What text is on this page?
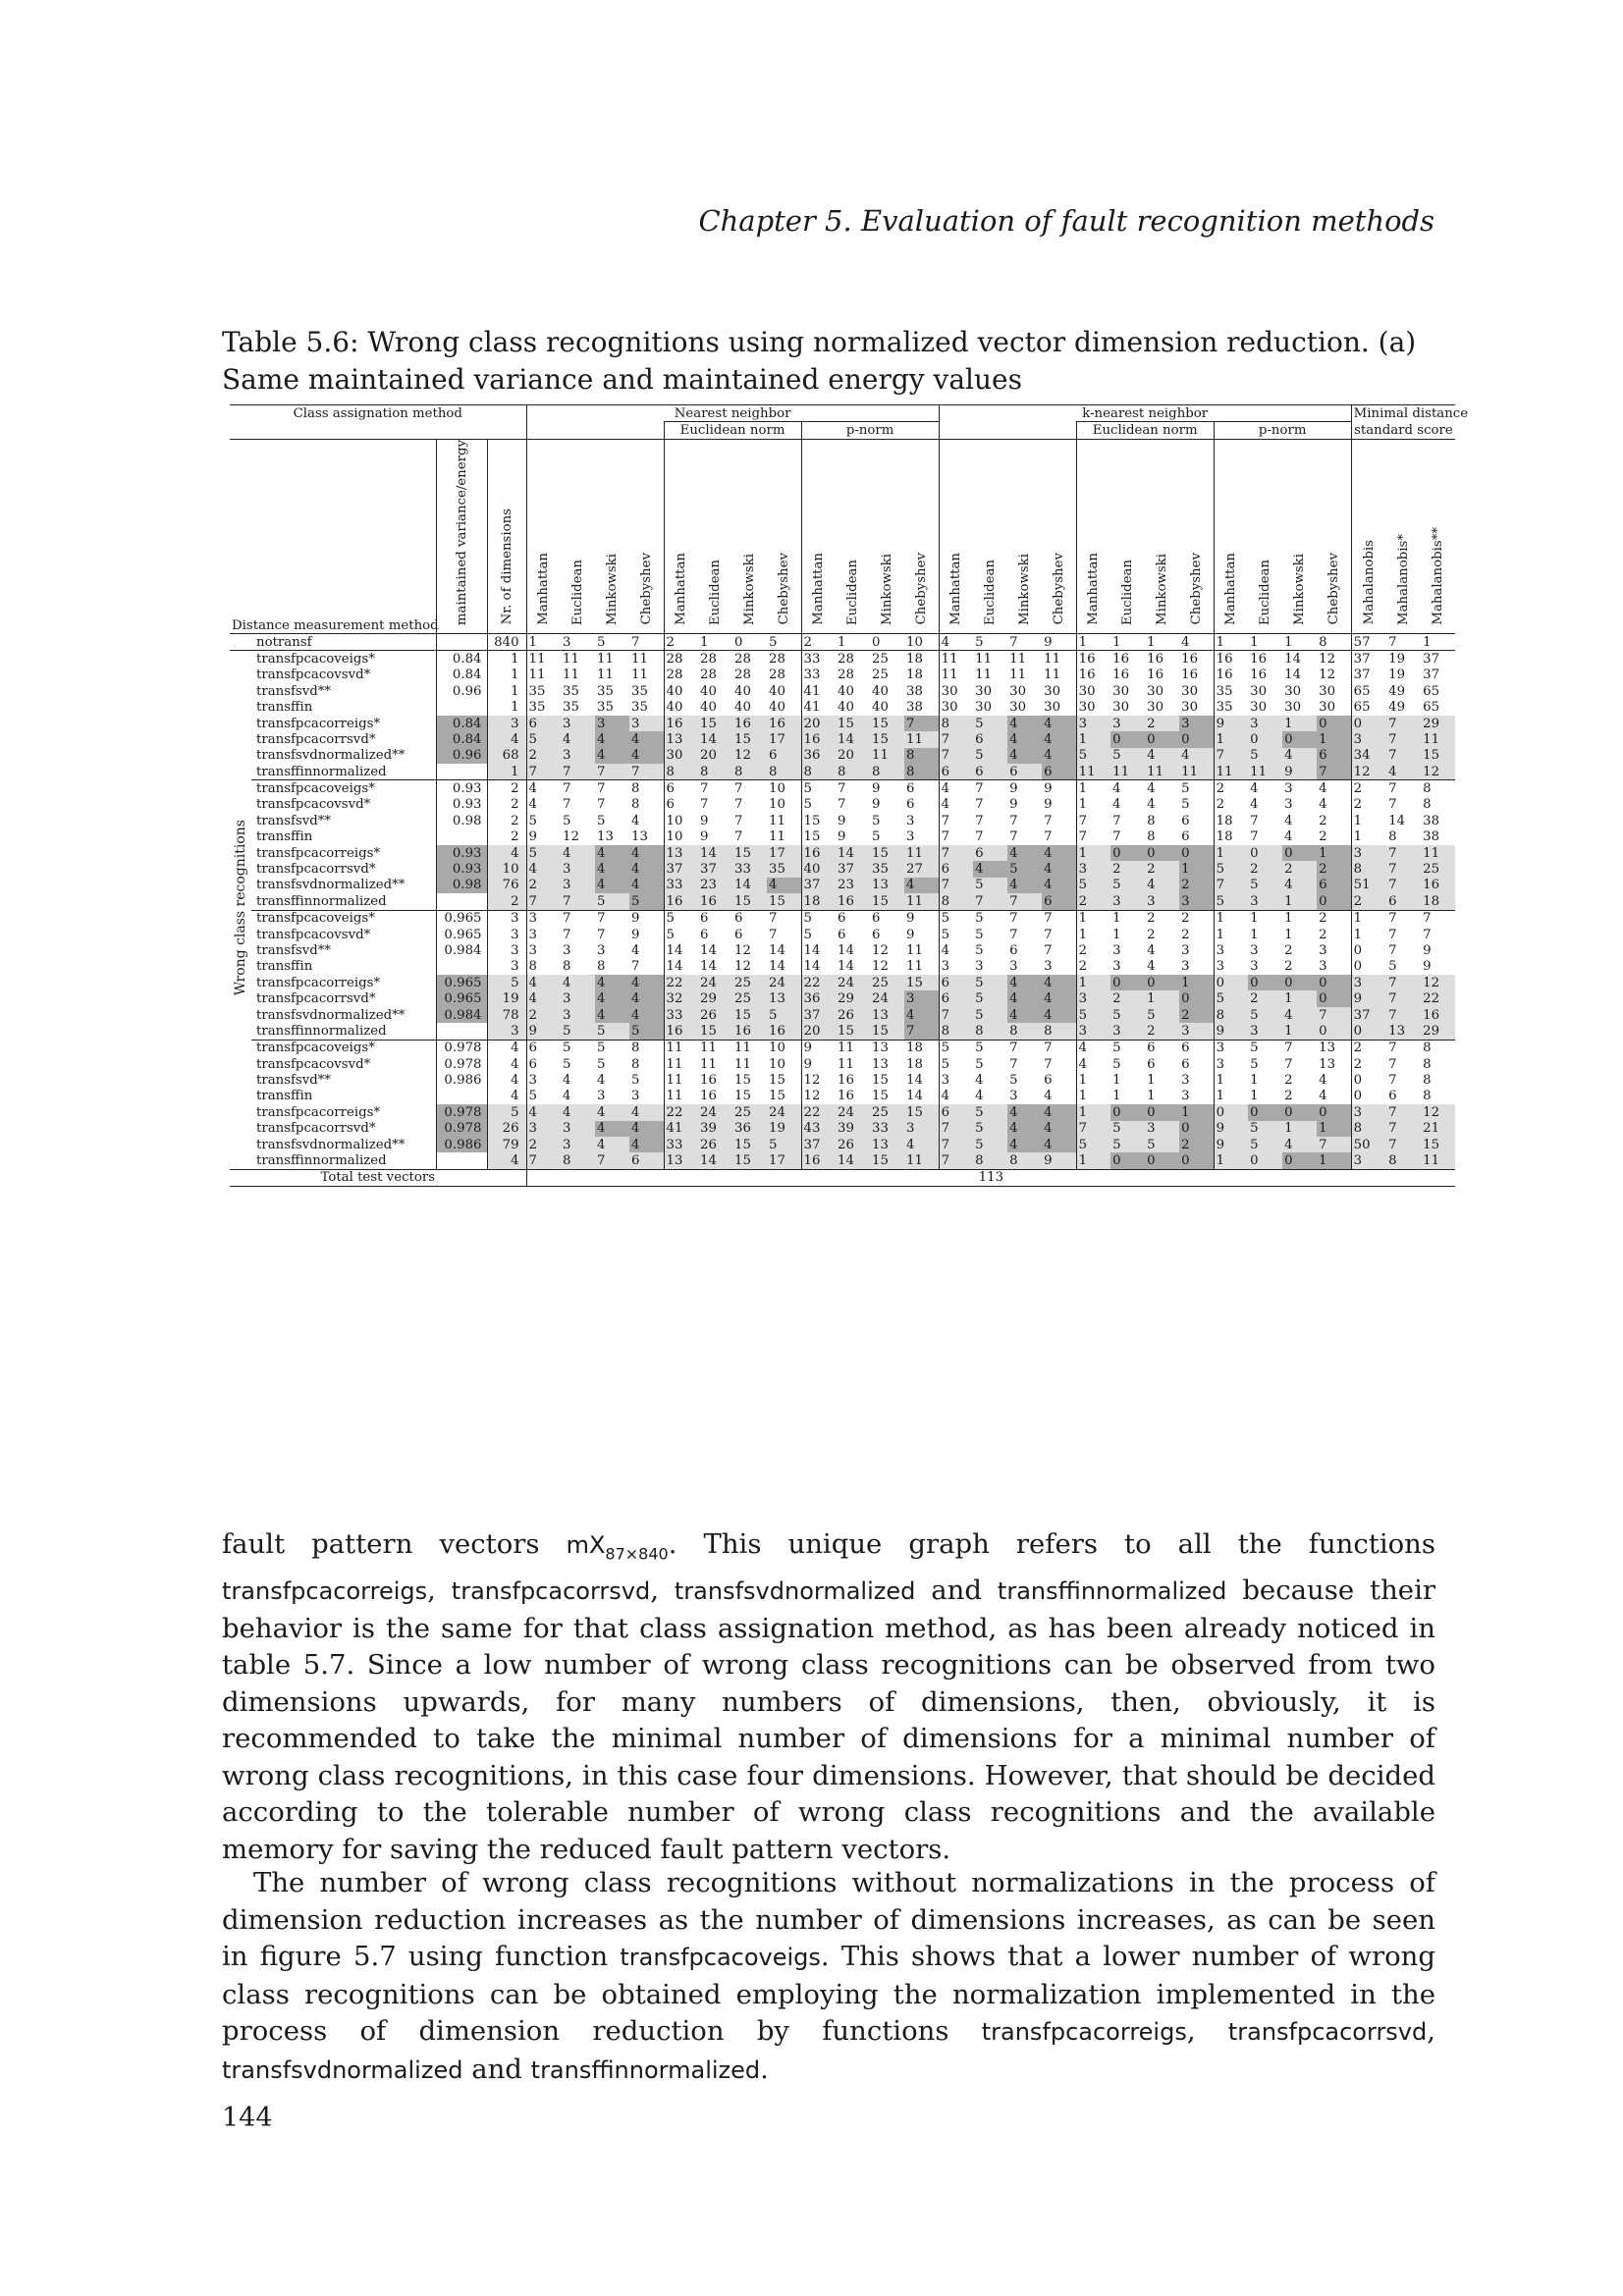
Chapter 5. Evaluation of fault recognition methods
Table 5.6: Wrong class recognitions using normalized vector dimension reduction. (a) Same maintained variance and maintained energy values
Class assignation method				Nearest neighbor												k-nearest neighbor												Minimal distance		
								Euclidean norm				p-norm								Euclidean norm				p-norm				standard score		
Distance measurement method		maintained variance/energy	Nr. of dimensions	Manhattan	Euclidean	Minkowski	Chebyshev	Manhattan	Euclidean	Minkowski	Chebyshev	Manhattan	Euclidean	Minkowski	Chebyshev	Manhattan	Euclidean	Minkowski	Chebyshev	Manhattan	Euclidean	Minkowski	Chebyshev	Manhattan	Euclidean	Minkowski	Chebyshev	Mahalanobis	Mahalanobis*	Mahalanobis**
	notransf		840	1	3	5	7	2	1	0	5	2	1	0	10	4	5	7	9	1	1	1	4	1	1	1	8	57	7	1
Wrong class recognitions	transfpcacoveigs*	0.84	1	11	11	11	11	28	28	28	28	33	28	25	18	11	11	11	11	16	16	16	16	16	16	14	12	37	19	37
	transfpcacovsvd*	0.84	1	11	11	11	11	28	28	28	28	33	28	25	18	11	11	11	11	16	16	16	16	16	16	14	12	37	19	37
	transfsvd**	0.96	1	35	35	35	35	40	40	40	40	41	40	40	38	30	30	30	30	30	30	30	30	35	30	30	30	65	49	65
	transffin		1	35	35	35	35	40	40	40	40	41	40	40	38	30	30	30	30	30	30	30	30	35	30	30	30	65	49	65
	transfpcacorreigs*	0.84	3	6	3	3	3	16	15	16	16	20	15	15	7	8	5	4	4	3	3	2	3	9	3	1	0	0	7	29
	transfpcacorrsvd*	0.84	4	5	4	4	4	13	14	15	17	16	14	15	11	7	6	4	4	1	0	0	0	1	0	0	1	3	7	11
	transfsvdnormalized**	0.96	68	2	3	4	4	30	20	12	6	36	20	11	8	7	5	4	4	5	5	4	4	7	5	4	6	34	7	15
	transffinnormalized		1	7	7	7	7	8	8	8	8	8	8	8	8	6	6	6	6	11	11	11	11	11	11	9	7	12	4	12
	transfpcacoveigs*	0.93	2	4	7	7	8	6	7	7	10	5	7	9	6	4	7	9	9	1	4	4	5	2	4	3	4	2	7	8
	transfpcacovsvd*	0.93	2	4	7	7	8	6	7	7	10	5	7	9	6	4	7	9	9	1	4	4	5	2	4	3	4	2	7	8
	transfsvd**	0.98	2	5	5	5	4	10	9	7	11	15	9	5	3	7	7	7	7	7	7	8	6	18	7	4	2	1	14	38
	transffin		2	9	12	13	13	10	9	7	11	15	9	5	3	7	7	7	7	7	7	8	6	18	7	4	2	1	8	38
	transfpcacorreigs*	0.93	4	5	4	4	4	13	14	15	17	16	14	15	11	7	6	4	4	1	0	0	0	1	0	0	1	3	7	11
	transfpcacorrsvd*	0.93	10	4	3	4	4	37	37	33	35	40	37	35	27	6	4	5	4	3	2	2	1	5	2	2	2	8	7	25
	transfsvdnormalized**	0.98	76	2	3	4	4	33	23	14	4	37	23	13	4	7	5	4	4	5	5	4	2	7	5	4	6	51	7	16
	transffinnormalized		2	7	7	5	5	16	16	15	15	18	16	15	11	8	7	7	6	2	3	3	3	5	3	1	0	2	6	18
	transfpcacoveigs*	0.965	3	3	7	7	9	5	6	6	7	5	6	6	9	5	5	7	7	1	1	2	2	1	1	1	2	1	7	7
	transfpcacovsvd*	0.965	3	3	7	7	9	5	6	6	7	5	6	6	9	5	5	7	7	1	1	2	2	1	1	1	2	1	7	7
	transfsvd**	0.984	3	3	3	3	4	14	14	12	14	14	14	12	11	4	5	6	7	2	3	4	3	3	3	2	3	0	7	9
	transffin		3	8	8	8	7	14	14	12	14	14	14	12	11	3	3	3	3	2	3	4	3	3	3	2	3	0	5	9
	transfpcacorreigs*	0.965	5	4	4	4	4	22	24	25	24	22	24	25	15	6	5	4	4	1	0	0	1	0	0	0	0	3	7	12
	transfpcacorrsvd*	0.965	19	4	3	4	4	32	29	25	13	36	29	24	3	6	5	4	4	3	2	1	0	5	2	1	0	9	7	22
	transfsvdnormalized**	0.984	78	2	3	4	4	33	26	15	5	37	26	13	4	7	5	4	4	5	5	5	2	8	5	4	7	37	7	16
	transffinnormalized		3	9	5	5	5	16	15	16	16	20	15	15	7	8	8	8	8	3	3	2	3	9	3	1	0	0	13	29
	transfpcacoveigs*	0.978	4	6	5	5	8	11	11	11	10	9	11	13	18	5	5	7	7	4	5	6	6	3	5	7	13	2	7	8
	transfpcacovsvd*	0.978	4	6	5	5	8	11	11	11	10	9	11	13	18	5	5	7	7	4	5	6	6	3	5	7	13	2	7	8
	transfsvd**	0.986	4	3	4	4	5	11	16	15	15	12	16	15	14	3	4	5	6	1	1	1	3	1	1	2	4	0	7	8
	transffin		4	5	4	3	3	11	16	15	15	12	16	15	14	4	4	3	4	1	1	1	3	1	1	2	4	0	6	8
	transfpcacorreigs*	0.978	5	4	4	4	4	22	24	25	24	22	24	25	15	6	5	4	4	1	0	0	1	0	0	0	0	3	7	12
	transfpcacorrsvd*	0.978	26	3	3	4	4	41	39	36	19	43	39	33	3	7	5	4	4	7	5	3	0	9	5	1	1	8	7	21
	transfsvdnormalized**	0.986	79	2	3	4	4	33	26	15	5	37	26	13	4	7	5	4	4	5	5	5	2	9	5	4	7	50	7	15
	transffinnormalized		4	7	8	7	6	13	14	15	17	16	14	15	11	7	8	8	9	1	0	0	0	1	0	0	1	3	8	11
Total test vectors				113																										
fault pattern vectors $mX_{87\times 840}$. This unique graph refers to all the functions transfpcacorreigs, transfpcacorrsvd, transfsvdnormalized and transffinnormalized because their behavior is the same for that class assignation method, as has been already noticed in table 5.7. Since a low number of wrong class recognitions can be observed from two dimensions upwards, for many numbers of dimensions, then, obviously, it is recommended to take the minimal number of dimensions for a minimal number of wrong class recognitions, in this case four dimensions. However, that should be decided according to the tolerable number of wrong class recognitions and the available memory for saving the reduced fault pattern vectors.
The number of wrong class recognitions without normalizations in the process of dimension reduction increases as the number of dimensions increases, as can be seen in figure 5.7 using function transfpcacoveigs. This shows that a lower number of wrong class recognitions can be obtained employing the normalization implemented in the process of dimension reduction by functions transfpcacorreigs, transfpcacorrsvd, transfsvdnormalized and transffinnormalized.
144
